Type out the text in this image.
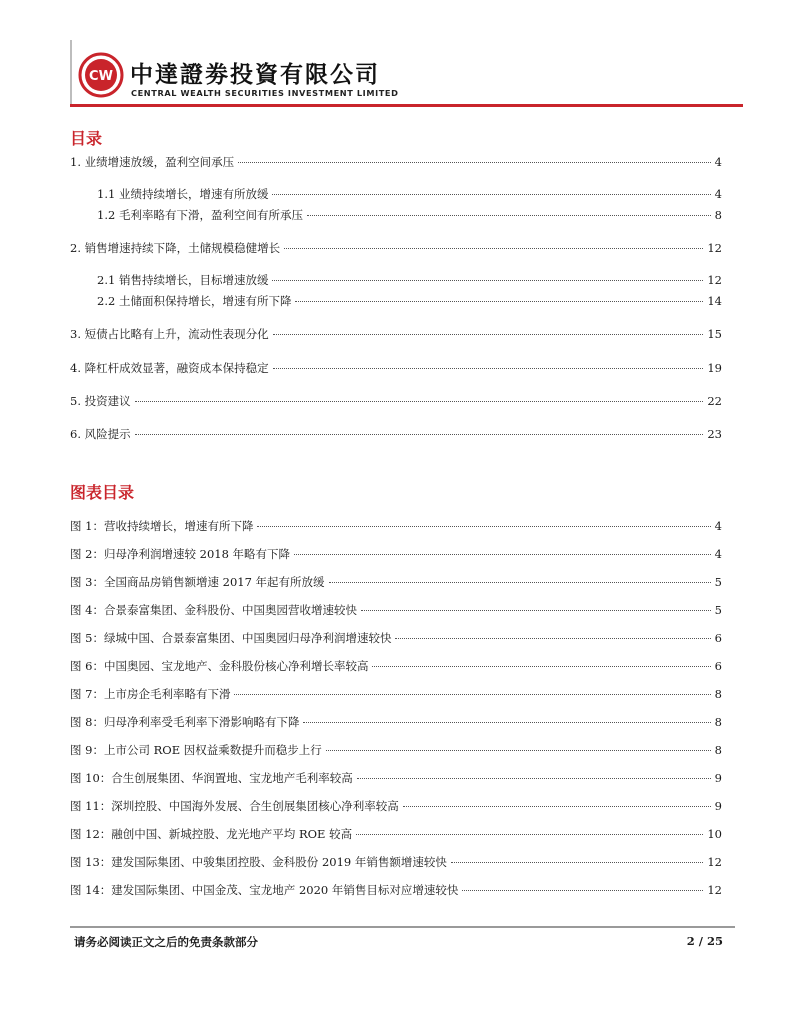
CW 中達證劵投資有限公司
CENTRAL WEALTH SECURITIES INVESTMENT LIMITED
目录
1. 业绩增速放缓，盈利空间承压	4
1.1 业绩持续增长，增速有所放缓	4
1.2 毛利率略有下滑，盈利空间有所承压	8
2. 销售增速持续下降，土储规模稳健增长	12
2.1 销售持续增长，目标增速放缓	12
2.2 土储面积保持增长，增速有所下降	14
3. 短债占比略有上升，流动性表现分化	15
4. 降杠杆成效显著，融资成本保持稳定	19
5. 投资建议	22
6. 风险提示	23
图表目录
图 1：营收持续增长，增速有所下降	4
图 2：归母净利润增速较 2018 年略有下降	4
图 3：全国商品房销售额增速 2017 年起有所放缓	5
图 4：合景泰富集团、金科股份、中国奥园营收增速较快	5
图 5：绿城中国、合景泰富集团、中国奥园归母净利润增速较快	6
图 6：中国奥园、宝龙地产、金科股份核心净利增长率较高	6
图 7：上市房企毛利率略有下滑	8
图 8：归母净利率受毛利率下滑影响略有下降	8
图 9：上市公司 ROE 因权益乘数提升而稳步上行	8
图 10：合生创展集团、华润置地、宝龙地产毛利率较高	9
图 11：深圳控股、中国海外发展、合生创展集团核心净利率较高	9
图 12：融创中国、新城控股、龙光地产平均 ROE 较高	10
图 13：建发国际集团、中骏集团控股、金科股份 2019 年销售额增速较快	12
图 14：建发国际集团、中国金茂、宝龙地产 2020 年销售目标对应增速较快	12
请务必阅读正文之后的免责条款部分	2 / 25
